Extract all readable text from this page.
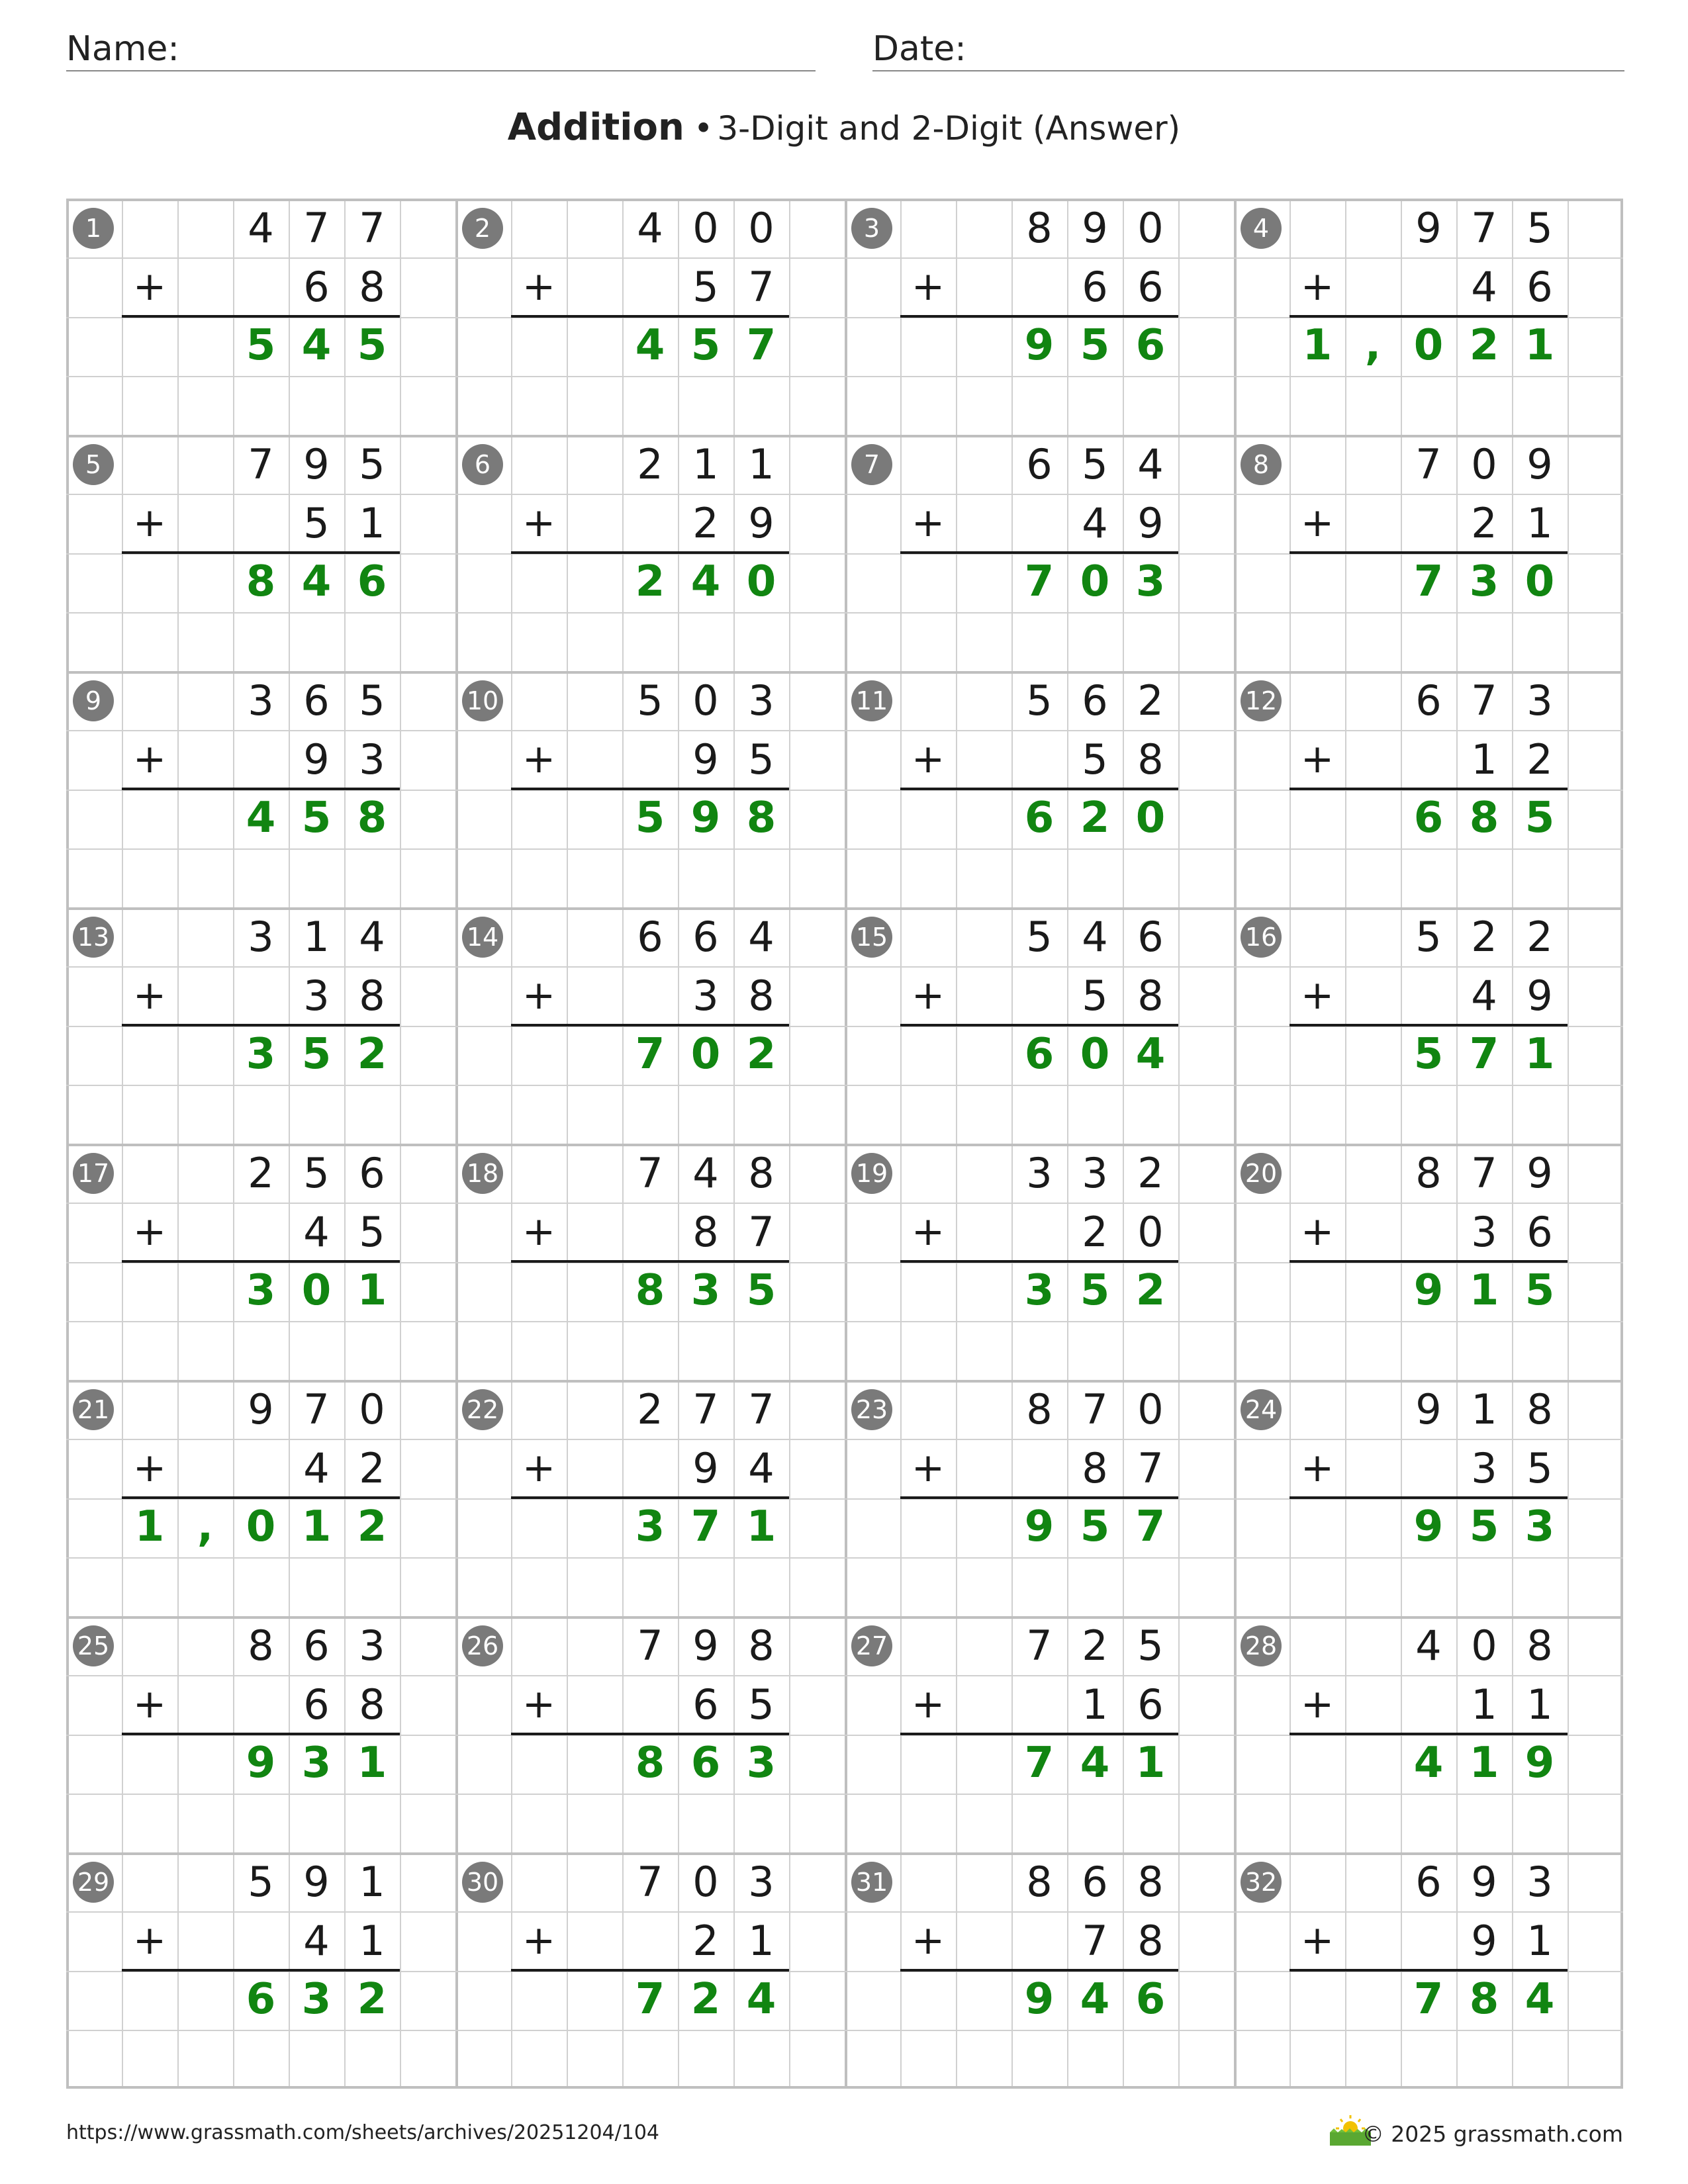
Name:	Date:
Addition • 3-Digit and 2-Digit (Answer)
1	4 7 7
+	6 8
5 4 5
2	4 0 0
+	5 7
4 5 7
3	8 9 0
+	6 6
9 5 6
4	9 7 5
+	4 6
1 , 0 2 1
5	7 9 5
+	5 1
8 4 6
6	2 1 1
+	2 9
2 4 0
7	6 5 4
+	4 9
7 0 3
8	7 0 9
+	2 1
7 3 0
9	3 6 5
+	9 3
4 5 8
10	5 0 3
+	9 5
5 9 8
11	5 6 2
+	5 8
6 2 0
12	6 7 3
+	1 2
6 8 5
13	3 1 4
+	3 8
3 5 2
14	6 6 4
+	3 8
7 0 2
15	5 4 6
+	5 8
6 0 4
16	5 2 2
+	4 9
5 7 1
17	2 5 6
+	4 5
3 0 1
18	7 4 8
+	8 7
8 3 5
19	3 3 2
+	2 0
3 5 2
20	8 7 9
+	3 6
9 1 5
21	9 7 0
+	4 2
1 , 0 1 2
22	2 7 7
+	9 4
3 7 1
23	8 7 0
+	8 7
9 5 7
24	9 1 8
+	3 5
9 5 3
25	8 6 3
+	6 8
9 3 1
26	7 9 8
+	6 5
8 6 3
27	7 2 5
+	1 6
7 4 1
28	4 0 8
+	1 1
4 1 9
29	5 9 1
+	4 1
6 3 2
30	7 0 3
+	2 1
7 2 4
31	8 6 8
+	7 8
9 4 6
32	6 9 3
+	9 1
7 8 4
https://www.grassmath.com/sheets/archives/20251204/104	© 2025 grassmath.com
